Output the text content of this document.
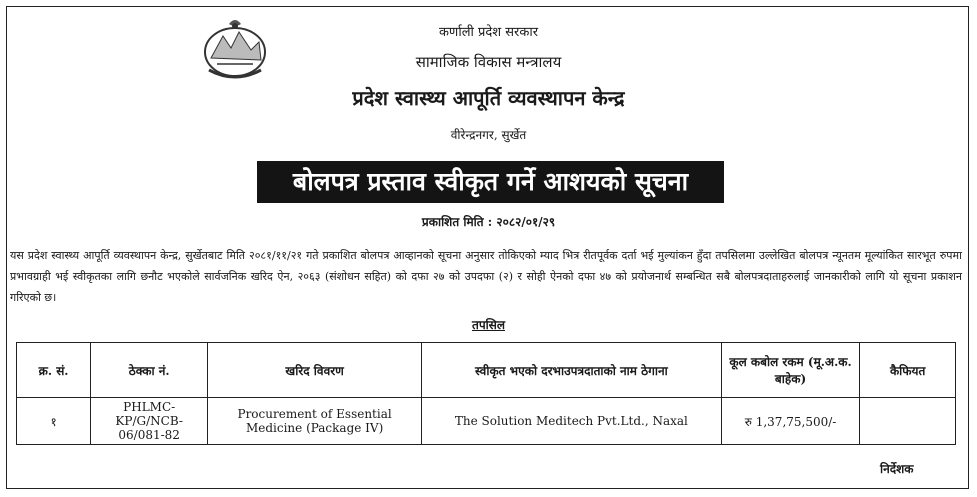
कर्णाली प्रदेश सरकार
सामाजिक विकास मन्त्रालय
प्रदेश स्वास्थ्य आपूर्ति व्यवस्थापन केन्द्र
वीरेन्द्रनगर, सुर्खेत
बोलपत्र प्रस्ताव स्वीकृत गर्ने आशयको सूचना
प्रकाशित मिति : २०८२/०१/२९
यस प्रदेश स्वास्थ्य आपूर्ति व्यवस्थापन केन्द्र, सुर्खेतबाट मिति २०८१/११/२१ गते प्रकाशित बोलपत्र आव्हानको सूचना अनुसार तोकिएको म्याद भित्र रीतपूर्वक दर्ता भई मुल्यांकन हुँदा तपसिलमा उल्लेखित बोलपत्र न्यूनतम मूल्यांकित सारभूत रुपमा प्रभावग्राही भई स्वीकृतका लागि छनौट भएकोले सार्वजनिक खरिद ऐन, २०६३ (संशोधन सहित) को दफा २७ को उपदफा (२) र सोही ऐनको दफा ४७ को प्रयोजनार्थ सम्बन्धित सबै बोलपत्रदाताहरुलाई जानकारीको लागि यो सूचना प्रकाशन गरिएको छ।
तपसिल
क्र. सं.	ठेक्का नं.	खरिद विवरण	स्वीकृत भएको दरभाउपत्रदाताको नाम ठेगाना	कूल कबोल रकम (मू.अ.क. बाहेक)	कैफियत
१	PHLMC-KP/G/NCB-06/081-82	Procurement of Essential Medicine (Package IV)	The Solution Meditech Pvt.Ltd., Naxal	रु 1,37,75,500/-	
निर्देशक
